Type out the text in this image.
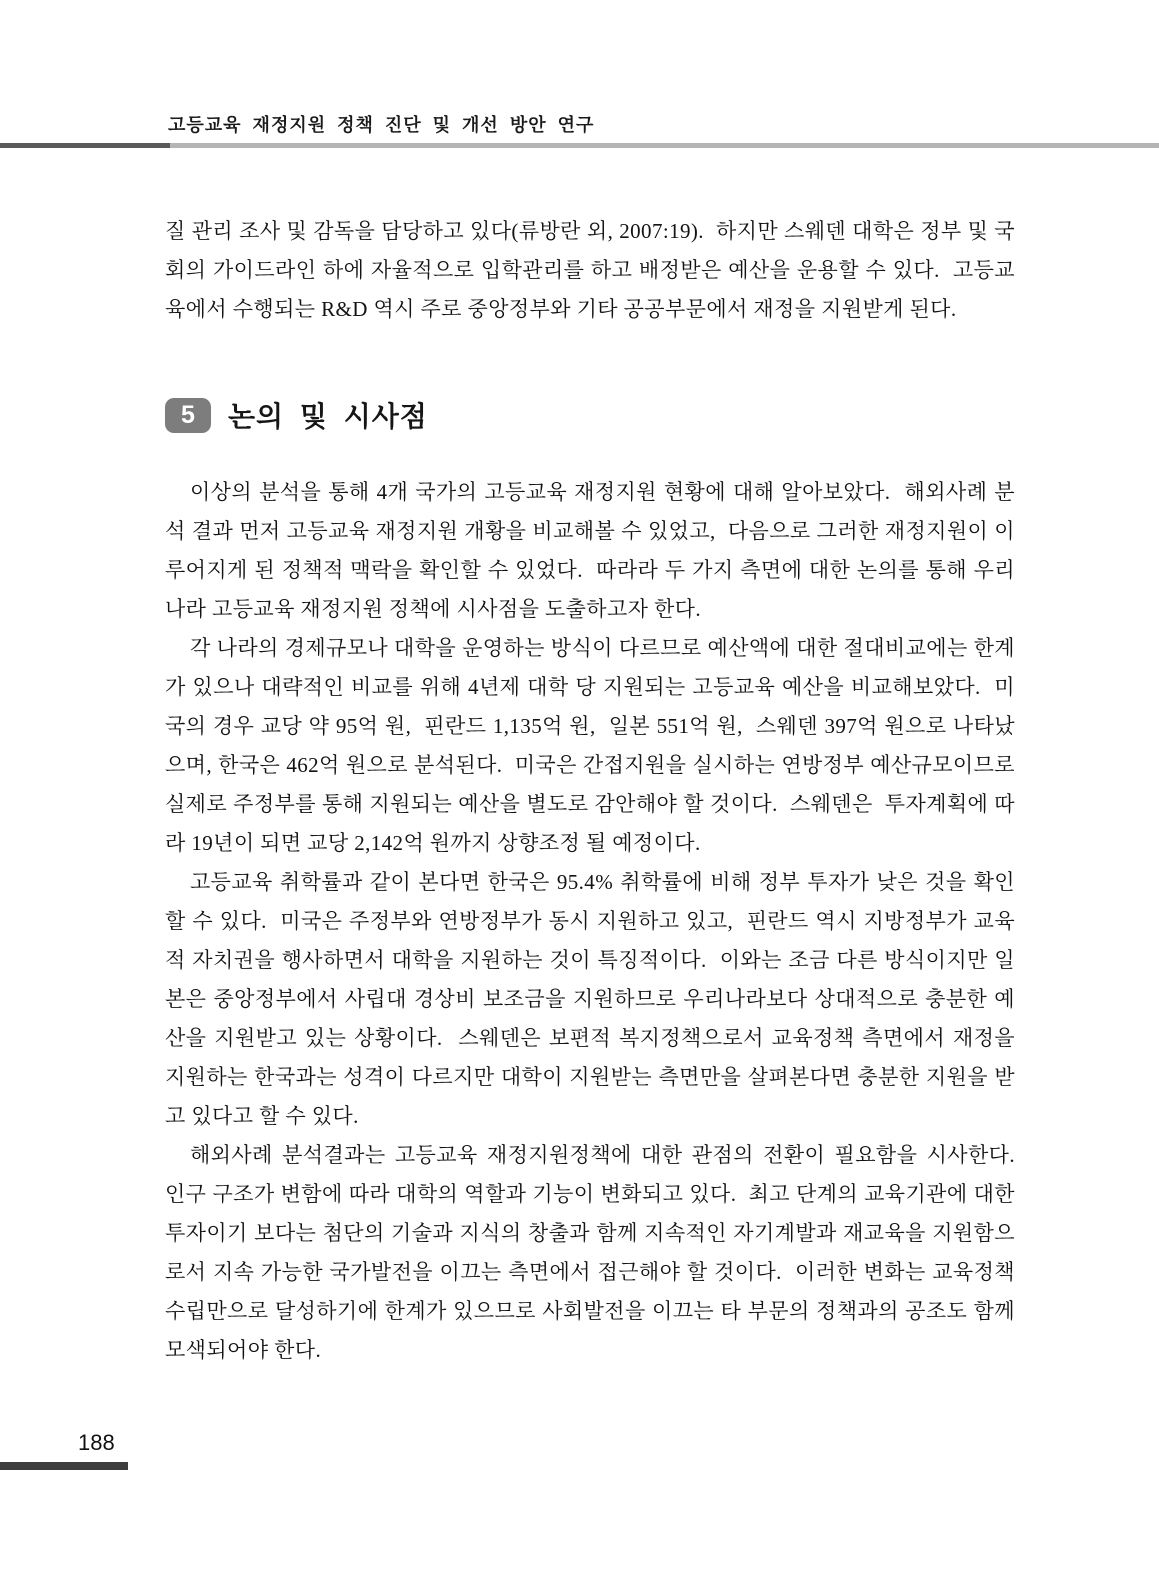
고등교육 재정지원 정책 진단 및 개선 방안 연구

질 관리 조사 및 감독을 담당하고 있다(류방란 외, 2007:19).  하지만 스웨덴 대학은 정부 및 국회의 가이드라인 하에 자율적으로 입학관리를 하고 배정받은 예산을 운용할 수 있다.  고등교육에서 수행되는 R&D 역시 주로 중앙정부와 기타 공공부문에서 재정을 지원받게 된다.

5	논의 및 시사점

이상의 분석을 통해 4개 국가의 고등교육 재정지원 현황에 대해 알아보았다.  해외사례 분석 결과 먼저 고등교육 재정지원 개황을 비교해볼 수 있었고,  다음으로 그러한 재정지원이 이루어지게 된 정책적 맥락을 확인할 수 있었다.  따라라 두 가지 측면에 대한 논의를 통해 우리나라 고등교육 재정지원 정책에 시사점을 도출하고자 한다.

각 나라의 경제규모나 대학을 운영하는 방식이 다르므로 예산액에 대한 절대비교에는 한계가 있으나 대략적인 비교를 위해 4년제 대학 당 지원되는 고등교육 예산을 비교해보았다.  미국의 경우 교당 약 95억 원,  핀란드 1,135억 원,  일본 551억 원,  스웨덴 397억 원으로 나타났으며, 한국은 462억 원으로 분석된다.  미국은 간접지원을 실시하는 연방정부 예산규모이므로 실제로 주정부를 통해 지원되는 예산을 별도로 감안해야 할 것이다.  스웨덴은  투자계획에 따라 19년이 되면 교당 2,142억 원까지 상향조정 될 예정이다.

고등교육 취학률과 같이 본다면 한국은 95.4% 취학률에 비해 정부 투자가 낮은 것을 확인할 수 있다.  미국은 주정부와 연방정부가 동시 지원하고 있고,  핀란드 역시 지방정부가 교육적 자치권을 행사하면서 대학을 지원하는 것이 특징적이다.  이와는 조금 다른 방식이지만 일본은 중앙정부에서 사립대 경상비 보조금을 지원하므로 우리나라보다 상대적으로 충분한 예산을 지원받고 있는 상황이다.  스웨덴은 보편적 복지정책으로서 교육정책 측면에서 재정을 지원하는 한국과는 성격이 다르지만 대학이 지원받는 측면만을 살펴본다면 충분한 지원을 받고 있다고 할 수 있다.

해외사례 분석결과는 고등교육 재정지원정책에 대한 관점의 전환이 필요함을 시사한다.  인구 구조가 변함에 따라 대학의 역할과 기능이 변화되고 있다.  최고 단계의 교육기관에 대한 투자이기 보다는 첨단의 기술과 지식의 창출과 함께 지속적인 자기계발과 재교육을 지원함으로서 지속 가능한 국가발전을 이끄는 측면에서 접근해야 할 것이다.  이러한 변화는 교육정책 수립만으로 달성하기에 한계가 있으므로 사회발전을 이끄는 타 부문의 정책과의 공조도 함께 모색되어야 한다.

188
